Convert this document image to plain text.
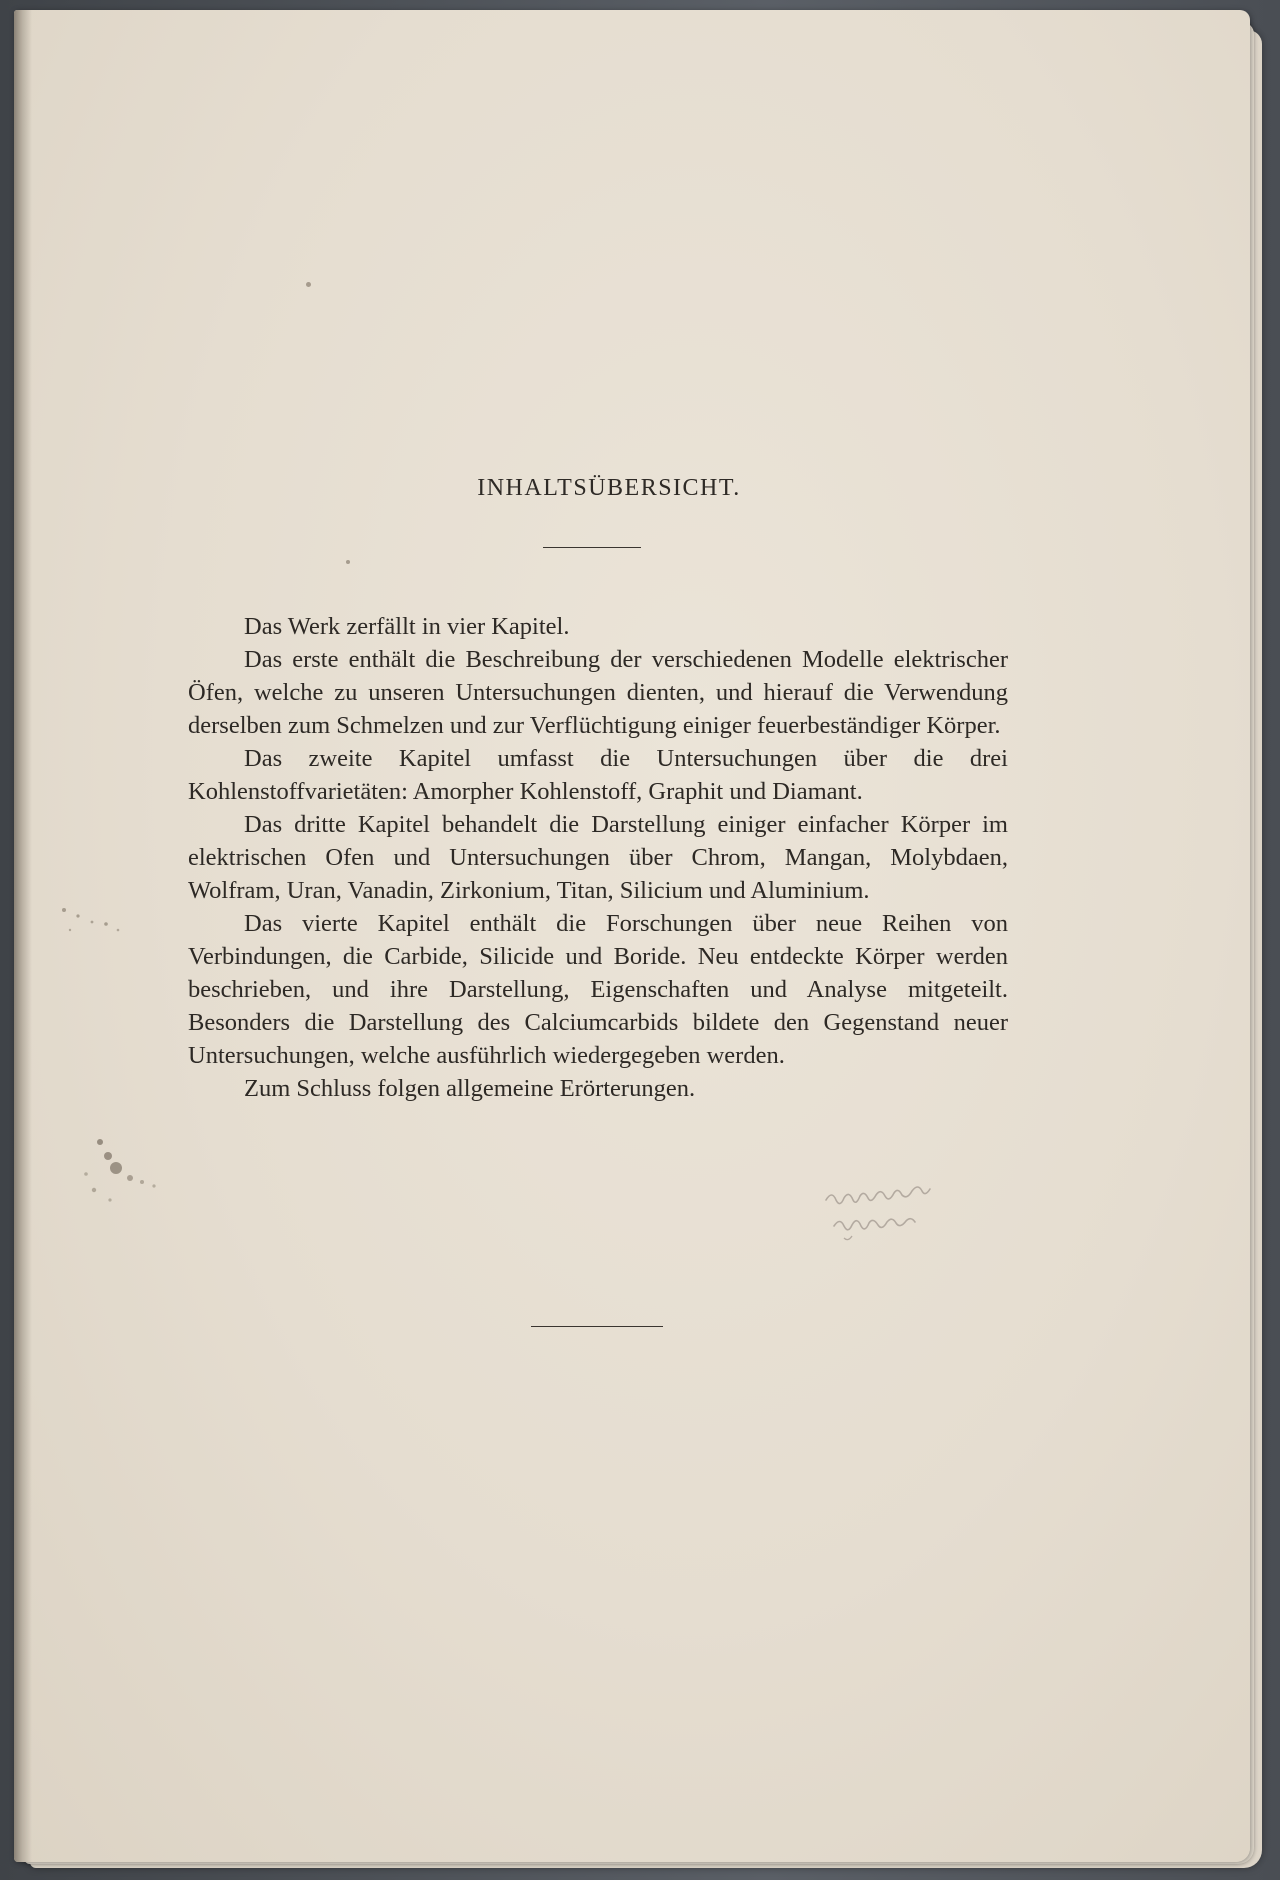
INHALTSÜBERSICHT.

Das Werk zerfällt in vier Kapitel.

Das erste enthält die Beschreibung der verschiedenen Modelle elektrischer Öfen, welche zu unseren Untersuchungen dienten, und hierauf die Verwendung derselben zum Schmelzen und zur Verflüchtigung einiger feuerbeständiger Körper.

Das zweite Kapitel umfasst die Untersuchungen über die drei Kohlenstoffvarietäten: Amorpher Kohlenstoff, Graphit und Diamant.

Das dritte Kapitel behandelt die Darstellung einiger einfacher Körper im elektrischen Ofen und Untersuchungen über Chrom, Mangan, Molybdaen, Wolfram, Uran, Vanadin, Zirkonium, Titan, Silicium und Aluminium.

Das vierte Kapitel enthält die Forschungen über neue Reihen von Verbindungen, die Carbide, Silicide und Boride. Neu entdeckte Körper werden beschrieben, und ihre Darstellung, Eigenschaften und Analyse mitgeteilt. Besonders die Darstellung des Calciumcarbids bildete den Gegenstand neuer Untersuchungen, welche ausführlich wiedergegeben werden.

Zum Schluss folgen allgemeine Erörterungen.
